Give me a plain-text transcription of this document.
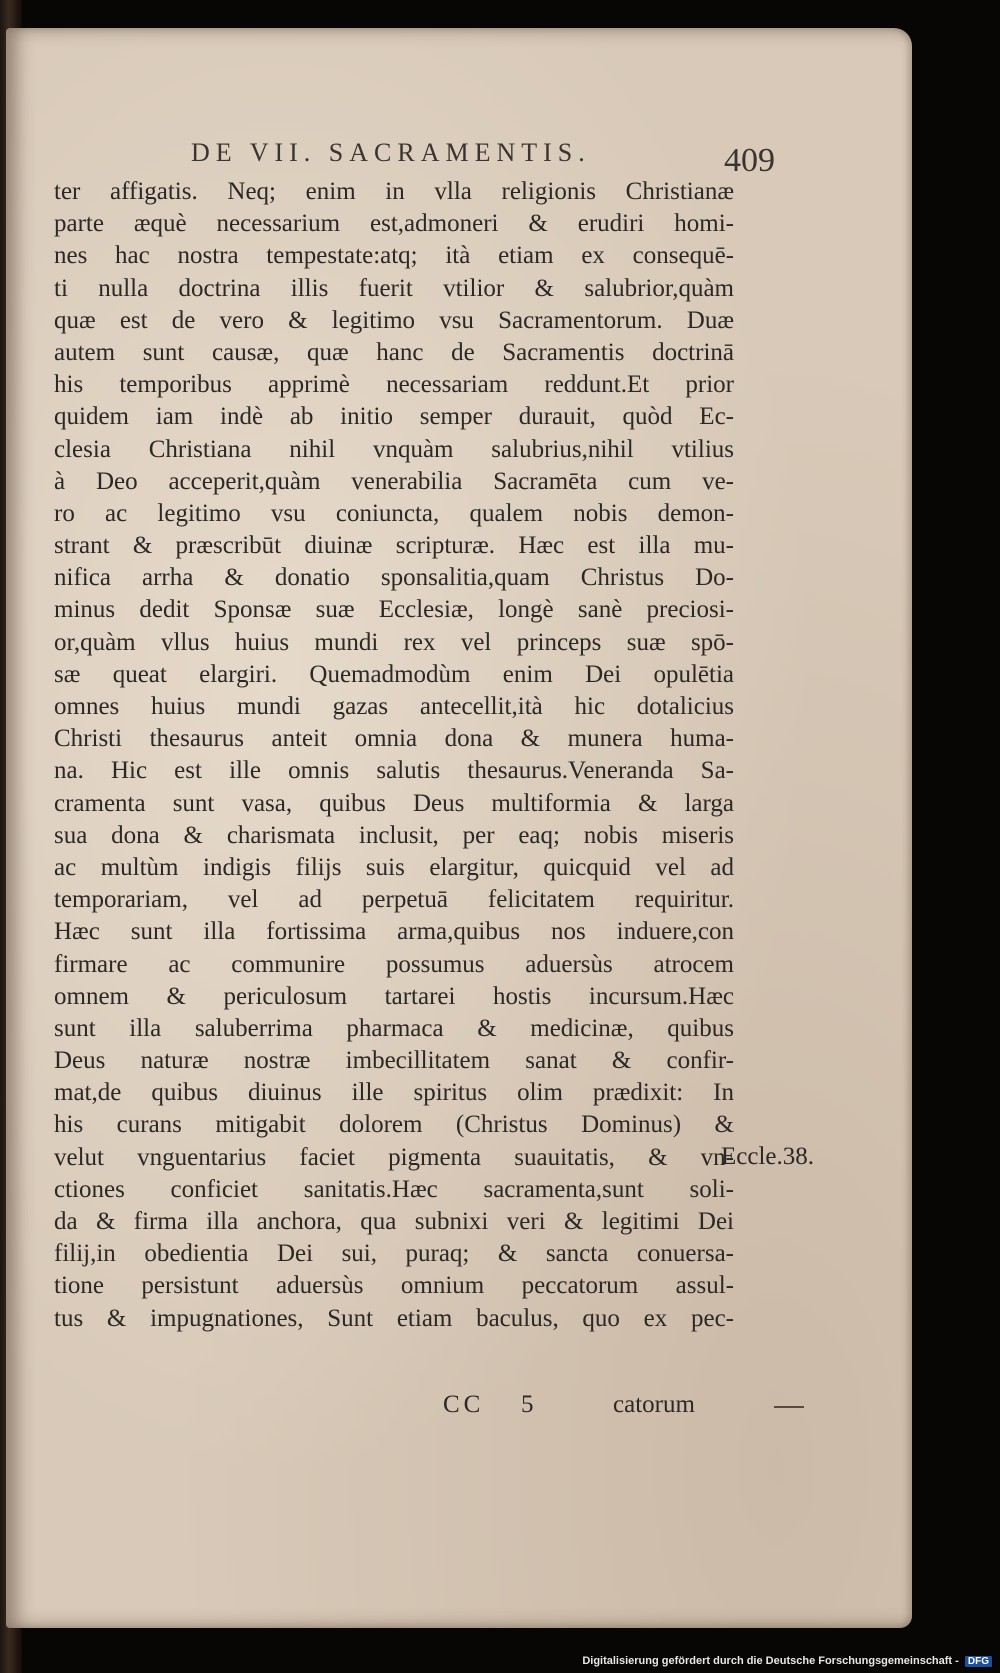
DE VII. SACRAMENTIS.	409
ter affigatis. Neq; enim in vlla religionis Christianæ
parte æquè necessarium est,admoneri & erudiri homi-
nes hac nostra tempestate:atq; ità etiam ex consequē-
ti nulla doctrina illis fuerit vtilior & salubrior,quàm
quæ est de vero & legitimo vsu Sacramentorum. Duæ
autem sunt causæ, quæ hanc de Sacramentis doctrinā
his temporibus apprimè necessariam reddunt.Et prior
quidem iam indè ab initio semper durauit, quòd Ec-
clesia Christiana nihil vnquàm salubrius,nihil vtilius
à Deo acceperit,quàm venerabilia Sacramēta cum ve-
ro ac legitimo vsu coniuncta, qualem nobis demon-
strant & præscribūt diuinæ scripturæ. Hæc est illa mu-
nifica arrha & donatio sponsalitia,quam Christus Do-
minus dedit Sponsæ suæ Ecclesiæ, longè sanè preciosi-
or,quàm vllus huius mundi rex vel princeps suæ spō-
sæ queat elargiri. Quemadmodùm enim Dei opulētia
omnes huius mundi gazas antecellit,ità hic dotalicius
Christi thesaurus anteit omnia dona & munera huma-
na. Hic est ille omnis salutis thesaurus.Veneranda Sa-
cramenta sunt vasa, quibus Deus multiformia & larga
sua dona & charismata inclusit, per eaq; nobis miseris
ac multùm indigis filijs suis elargitur, quicquid vel ad
temporariam, vel ad perpetuā felicitatem requiritur.
Hæc sunt illa fortissima arma,quibus nos induere,con
firmare ac communire possumus aduersùs atrocem
omnem & periculosum tartarei hostis incursum.Hæc
sunt illa saluberrima pharmaca & medicinæ, quibus
Deus naturæ nostræ imbecillitatem sanat & confir-
mat,de quibus diuinus ille spiritus olim prædixit: In
his curans mitigabit dolorem (Christus Dominus) &
velut vnguentarius faciet pigmenta suauitatis, & vn-
ctiones conficiet sanitatis.Hæc sacramenta,sunt soli-
da & firma illa anchora, qua subnixi veri & legitimi Dei
filij,in obedientia Dei sui, puraq; & sancta conuersa-
tione persistunt aduersùs omnium peccatorum assul-
tus & impugnationes, Sunt etiam baculus, quo ex pec-
Eccle.38.
CC 5	catorum
Digitalisierung gefördert durch die Deutsche Forschungsgemeinschaft - DFG
